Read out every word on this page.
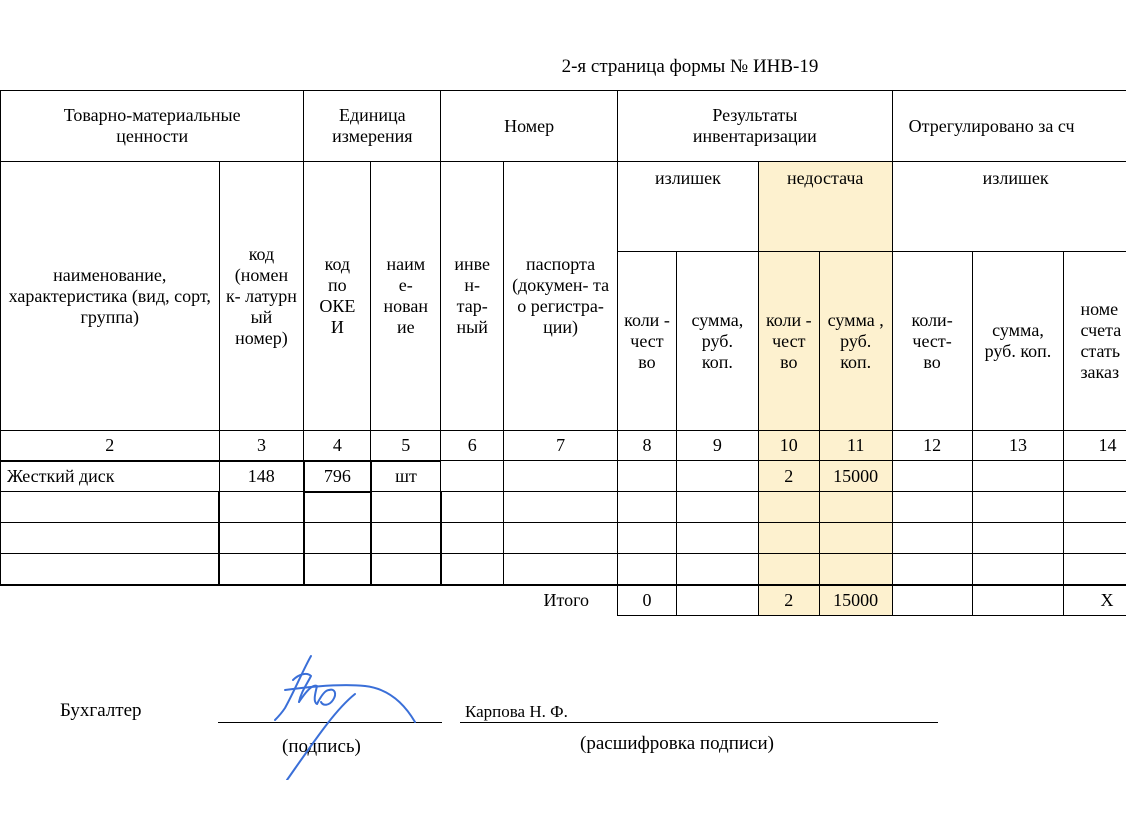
2-я страница формы № ИНВ-19
Товарно-материальные ценности		Единица измерения		Номер		Результаты инвентаризации				Отрегулировано за сч		
наименование, характеристика (вид, сорт, группа)	код (номен к- латурн ый номер)	код по ОКЕ И	наим е- нован ие	инве н- тар- ный	паспорта (докумен- та о регистра- ции)	излишек		недостача		излишек		
						коли - чест во	сумма, руб. коп.	коли - чест во	сумма , руб. коп.	коли- чест- во	сумма, руб. коп.	номе счета стать заказ
2	3	4	5	6	7	8	9	10	11	12	13	14
Жесткий диск	148	796	шт					2	15000			

					Итого	0		2	15000			Х
Бухгалтер
(подпись)
Карпова Н. Ф.
(расшифровка подписи)
